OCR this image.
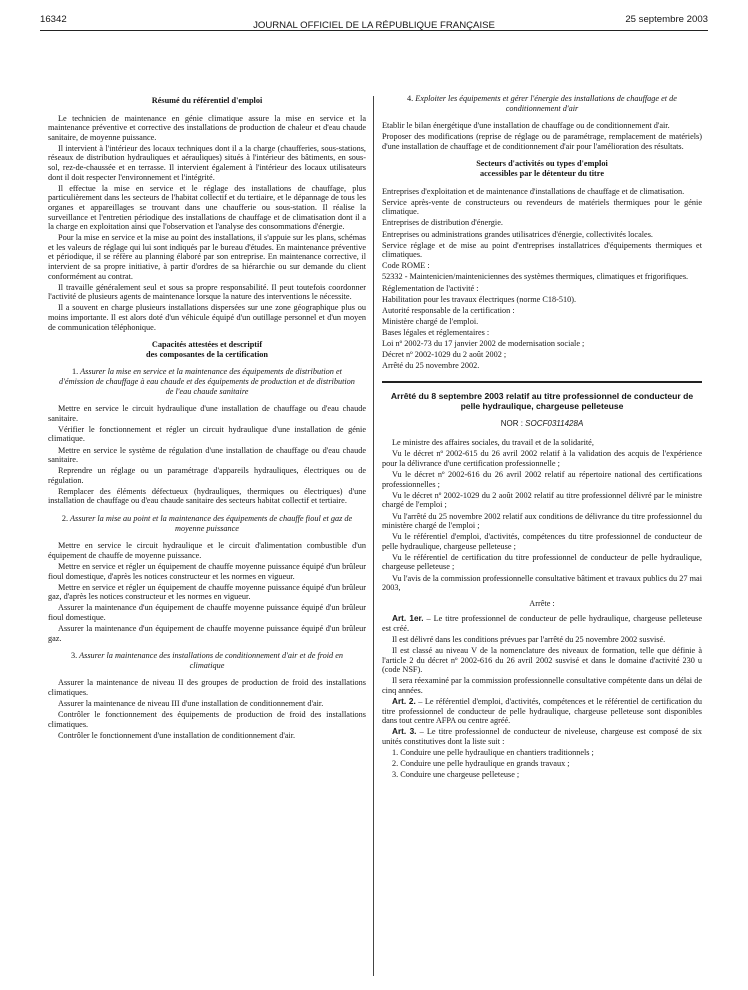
16342
JOURNAL OFFICIEL DE LA RÉPUBLIQUE FRANÇAISE
25 septembre 2003
Résumé du référentiel d'emploi

Le technicien de maintenance en génie climatique assure la mise en service et la maintenance préventive et corrective des installations de production de chaleur et d'eau chaude sanitaire, de moyenne puissance.

Il intervient à l'intérieur des locaux techniques dont il a la charge (chaufferies, sous-stations, réseaux de distribution hydrauliques et aérauliques) situés à l'intérieur des bâtiments, en sous-sol, rez-de-chaussée et en terrasse. Il intervient également à l'intérieur des locaux utilisateurs dont il doit respecter l'environnement et l'intégrité.

Il effectue la mise en service et le réglage des installations de chauffage, plus particulièrement dans les secteurs de l'habitat collectif et du tertiaire, et le dépannage de tous les organes et appareillages se trouvant dans une chaufferie ou sous-station. Il réalise la surveillance et l'entretien périodique des installations de chauffage et de climatisation dont il a la charge en exploitation ainsi que l'observation et l'analyse des consommations d'énergie.

Pour la mise en service et la mise au point des installations, il s'appuie sur les plans, schémas et les valeurs de réglage qui lui sont indiqués par le bureau d'études. En maintenance préventive et périodique, il se réfère au planning élaboré par son entreprise. En maintenance corrective, il intervient de sa propre initiative, à partir d'ordres de sa hiérarchie ou sur demande du client conformément au contrat.

Il travaille généralement seul et sous sa propre responsabilité. Il peut toutefois coordonner l'activité de plusieurs agents de maintenance lorsque la nature des interventions le nécessite.

Il a souvent en charge plusieurs installations dispersées sur une zone géographique plus ou moins importante. Il est alors doté d'un véhicule équipé d'un outillage personnel et d'un moyen de communication téléphonique.

Capacités attestées et descriptif
des composantes de la certification
1. Assurer la mise en service et la maintenance des équipements de distribution et d'émission de chauffage à eau chaude et des équipements de production et de distribution de l'eau chaude sanitaire

Mettre en service le circuit hydraulique d'une installation de chauffage ou d'eau chaude sanitaire.

Vérifier le fonctionnement et régler un circuit hydraulique d'une installation de génie climatique.

Mettre en service le système de régulation d'une installation de chauffage ou d'eau chaude sanitaire.

Reprendre un réglage ou un paramétrage d'appareils hydrauliques, électriques ou de régulation.

Remplacer des éléments défectueux (hydrauliques, thermiques ou électriques) d'une installation de chauffage ou d'eau chaude sanitaire des secteurs habitat collectif et tertiaire.

2. Assurer la mise au point et la maintenance des équipements de chauffe fioul et gaz de moyenne puissance

Mettre en service le circuit hydraulique et le circuit d'alimentation combustible d'un équipement de chauffe de moyenne puissance.

Mettre en service et régler un équipement de chauffe moyenne puissance équipé d'un brûleur fioul domestique, d'après les notices constructeur et les normes en vigueur.

Mettre en service et régler un équipement de chauffe moyenne puissance équipé d'un brûleur gaz, d'après les notices constructeur et les normes en vigueur.

Assurer la maintenance d'un équipement de chauffe moyenne puissance équipé d'un brûleur fioul domestique.

Assurer la maintenance d'un équipement de chauffe moyenne puissance équipé d'un brûleur gaz.

3. Assurer la maintenance des installations de conditionnement d'air et de froid en climatique

Assurer la maintenance de niveau II des groupes de production de froid des installations climatiques.

Assurer la maintenance de niveau III d'une installation de conditionnement d'air.

Contrôler le fonctionnement des équipements de production de froid des installations climatiques.

Contrôler le fonctionnement d'une installation de conditionnement d'air.

4. Exploiter les équipements et gérer l'énergie des installations de chauffage et de conditionnement d'air

Etablir le bilan énergétique d'une installation de chauffage ou de conditionnement d'air.

Proposer des modifications (reprise de réglage ou de paramétrage, remplacement de matériels) d'une installation de chauffage et de conditionnement d'air pour l'amélioration des résultats.

Secteurs d'activités ou types d'emploi
accessibles par le détenteur du titre

Entreprises d'exploitation et de maintenance d'installations de chauffage et de climatisation.

Service après-vente de constructeurs ou revendeurs de matériels thermiques pour le génie climatique.

Entreprises de distribution d'énergie.

Entreprises ou administrations grandes utilisatrices d'énergie, collectivités locales.

Service réglage et de mise au point d'entreprises installatrices d'équipements thermiques et climatiques.

Code ROME :

52332 - Maintenicien/mainteniciennes des systèmes thermiques, climatiques et frigorifiques.

Réglementation de l'activité :

Habilitation pour les travaux électriques (norme C18-510).

Autorité responsable de la certification :

Ministère chargé de l'emploi.

Bases légales et réglementaires :

Loi nº 2002-73 du 17 janvier 2002 de modernisation sociale ;

Décret nº 2002-1029 du 2 août 2002 ;

Arrêté du 25 novembre 2002.

Arrêté du 8 septembre 2003 relatif au titre professionnel de conducteur de pelle hydraulique, chargeuse pelleteuse
NOR : SOCF0311428A

Le ministre des affaires sociales, du travail et de la solidarité,

Vu le décret nº 2002-615 du 26 avril 2002 relatif à la validation des acquis de l'expérience pour la délivrance d'une certification professionnelle ;

Vu le décret nº 2002-616 du 26 avril 2002 relatif au répertoire national des certifications professionnelles ;

Vu le décret nº 2002-1029 du 2 août 2002 relatif au titre professionnel délivré par le ministre chargé de l'emploi ;

Vu l'arrêté du 25 novembre 2002 relatif aux conditions de délivrance du titre professionnel du ministère chargé de l'emploi ;

Vu le référentiel d'emploi, d'activités, compétences du titre professionnel de conducteur de pelle hydraulique, chargeuse pelleteuse ;

Vu le référentiel de certification du titre professionnel de conducteur de pelle hydraulique, chargeuse pelleteuse ;

Vu l'avis de la commission professionnelle consultative bâtiment et travaux publics du 27 mai 2003,

Arrête :

Art. 1er. – Le titre professionnel de conducteur de pelle hydraulique, chargeuse pelleteuse est créé.

Il est délivré dans les conditions prévues par l'arrêté du 25 novembre 2002 susvisé.

Il est classé au niveau V de la nomenclature des niveaux de formation, telle que définie à l'article 2 du décret nº 2002-616 du 26 avril 2002 susvisé et dans le domaine d'activité 230 u (code NSF).

Il sera réexaminé par la commission professionnelle consultative compétente dans un délai de cinq années.

Art. 2. – Le référentiel d'emploi, d'activités, compétences et le référentiel de certification du titre professionnel de conducteur de pelle hydraulique, chargeuse pelleteuse sont disponibles dans tout centre AFPA ou centre agréé.

Art. 3. – Le titre professionnel de conducteur de niveleuse, chargeuse est composé de six unités constitutives dont la liste suit :

1. Conduire une pelle hydraulique en chantiers traditionnels ;

2. Conduire une pelle hydraulique en grands travaux ;

3. Conduire une chargeuse pelleteuse ;
